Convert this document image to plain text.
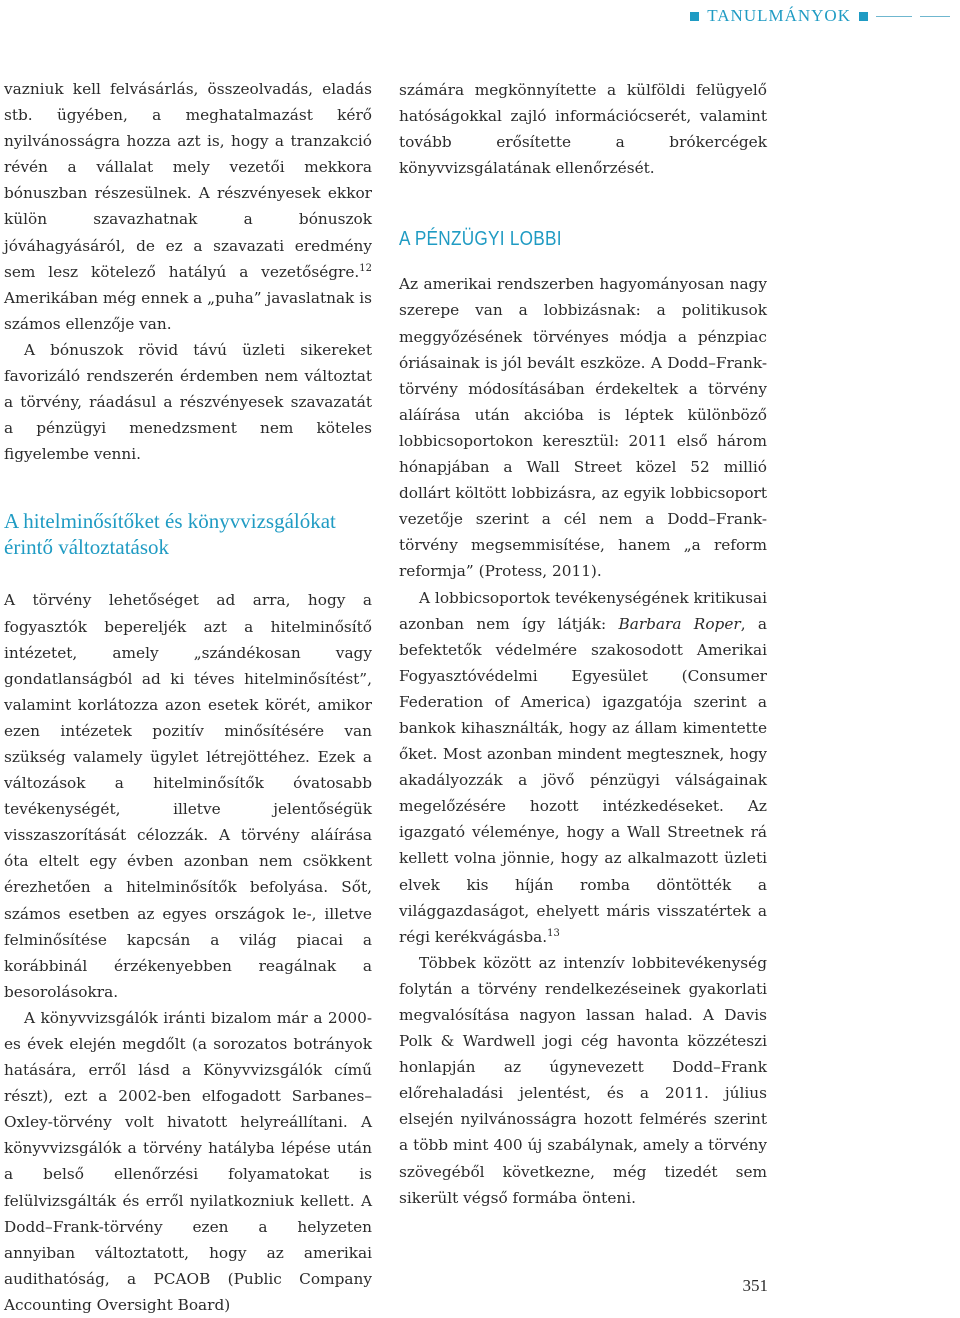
TANULMÁNYOK

vazniuk kell felvásárlás, összeolvadás, eladás stb. ügyében, a meghatalmazást kérő nyilvánosságra hozza azt is, hogy a tranzakció révén a vállalat mely vezetői mekkora bónuszban részesülnek. A részvényesek ekkor külön szavazhatnak a bónuszok jóváhagyásáról, de ez a szavazati eredmény sem lesz kötelező hatályú a vezetőségre.$^{12}$ Amerikában még ennek a „puha” javaslatnak is számos ellenzője van.

A bónuszok rövid távú üzleti sikereket favorizáló rendszerén érdemben nem változtat a törvény, ráadásul a részvényesek szavazatát a pénzügyi menedzsment nem köteles figyelembe venni.

A hitelminősítőket és könyvvizsgálókat érintő változtatások

A törvény lehetőséget ad arra, hogy a fogyasztók bepereljék azt a hitelminősítő intézetet, amely „szándékosan vagy gondatlanságból ad ki téves hitelminősítést”, valamint korlátozza azon esetek körét, amikor ezen intézetek pozitív minősítésére van szükség valamely ügylet létrejöttéhez. Ezek a változások a hitelminősítők óvatosabb tevékenységét, illetve jelentőségük visszaszorítását célozzák. A törvény aláírása óta eltelt egy évben azonban nem csökkent érezhetően a hitelminősítők befolyása. Sőt, számos esetben az egyes országok le-, illetve felminősítése kapcsán a világ piacai a korábbinál érzékenyebben reagálnak a besorolásokra.

A könyvvizsgálók iránti bizalom már a 2000-es évek elején megdőlt (a sorozatos botrányok hatására, erről lásd a Könyvvizsgálók című részt), ezt a 2002-ben elfogadott Sarbanes–Oxley-törvény volt hivatott helyreállítani. A könyvvizsgálók a törvény hatályba lépése után a belső ellenőrzési folyamatokat is felülvizsgálták és erről nyilatkozniuk kellett. A Dodd–Frank-törvény ezen a helyzeten annyiban változtatott, hogy az amerikai audithatóság, a PCAOB (Public Company Accounting Oversight Board)

számára megkönnyítette a külföldi felügyelő hatóságokkal zajló információcserét, valamint tovább erősítette a brókercégek könyvvizsgálatának ellenőrzését.

A PÉNZÜGYI LOBBI

Az amerikai rendszerben hagyományosan nagy szerepe van a lobbizásnak: a politikusok meggyőzésének törvényes módja a pénzpiac óriásainak is jól bevált eszköze. A Dodd–Frank-törvény módosításában érdekeltek a törvény aláírása után akcióba is léptek különböző lobbicsoportokon keresztül: 2011 első három hónapjában a Wall Street közel 52 millió dollárt költött lobbizásra, az egyik lobbicsoport vezetője szerint a cél nem a Dodd–Frank-törvény megsemmisítése, hanem „a reform reformja” (Protess, 2011).

A lobbicsoportok tevékenységének kritikusai azonban nem így látják: Barbara Roper, a befektetők védelmére szakosodott Amerikai Fogyasztóvédelmi Egyesület (Consumer Federation of America) igazgatója szerint a bankok kihasználták, hogy az állam kimentette őket. Most azonban mindent megtesznek, hogy akadályozzák a jövő pénzügyi válságainak megelőzésére hozott intézkedéseket. Az igazgató véleménye, hogy a Wall Streetnek rá kellett volna jönnie, hogy az alkalmazott üzleti elvek kis híján romba döntötték a világgazdaságot, ehelyett máris visszatértek a régi kerékvágásba.$^{13}$

Többek között az intenzív lobbitevékenység folytán a törvény rendelkezéseinek gyakorlati megvalósítása nagyon lassan halad. A Davis Polk & Wardwell jogi cég havonta közzéteszi honlapján az úgynevezett Dodd–Frank előrehaladási jelentést, és a 2011. július elsején nyilvánosságra hozott felmérés szerint a több mint 400 új szabálynak, amely a törvény szövegéből következne, még tizedét sem sikerült végső formába önteni.

351
